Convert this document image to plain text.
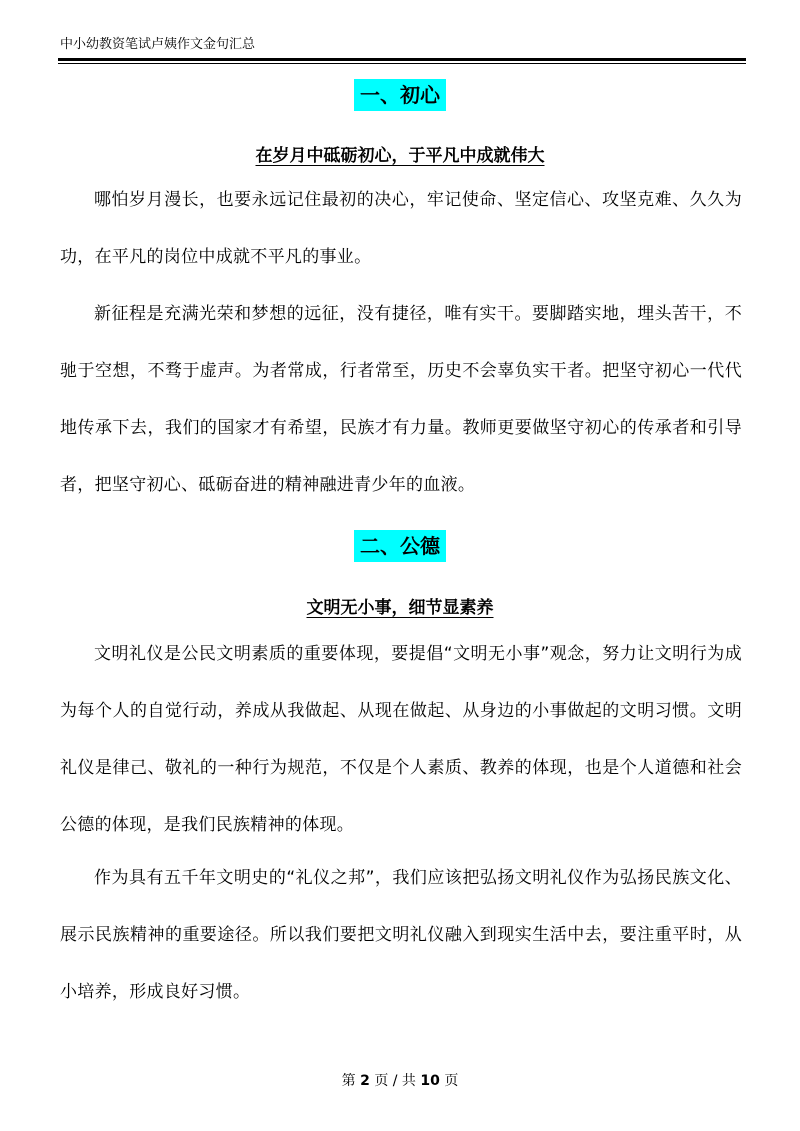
中小幼教资笔试卢姨作文金句汇总
一、初心
在岁月中砥砺初心，于平凡中成就伟大

哪怕岁月漫长，也要永远记住最初的决心，牢记使命、坚定信心、攻坚克难、久久为功，在平凡的岗位中成就不平凡的事业。

新征程是充满光荣和梦想的远征，没有捷径，唯有实干。要脚踏实地，埋头苦干，不驰于空想，不骛于虚声。为者常成，行者常至，历史不会辜负实干者。把坚守初心一代代地传承下去，我们的国家才有希望，民族才有力量。教师更要做坚守初心的传承者和引导者，把坚守初心、砥砺奋进的精神融进青少年的血液。

二、公德
文明无小事，细节显素养

文明礼仪是公民文明素质的重要体现，要提倡“文明无小事”观念，努力让文明行为成为每个人的自觉行动，养成从我做起、从现在做起、从身边的小事做起的文明习惯。文明礼仪是律己、敬礼的一种行为规范，不仅是个人素质、教养的体现，也是个人道德和社会公德的体现，是我们民族精神的体现。

作为具有五千年文明史的“礼仪之邦”，我们应该把弘扬文明礼仪作为弘扬民族文化、展示民族精神的重要途径。所以我们要把文明礼仪融入到现实生活中去，要注重平时，从小培养，形成良好习惯。

第 2 页 / 共 10 页
